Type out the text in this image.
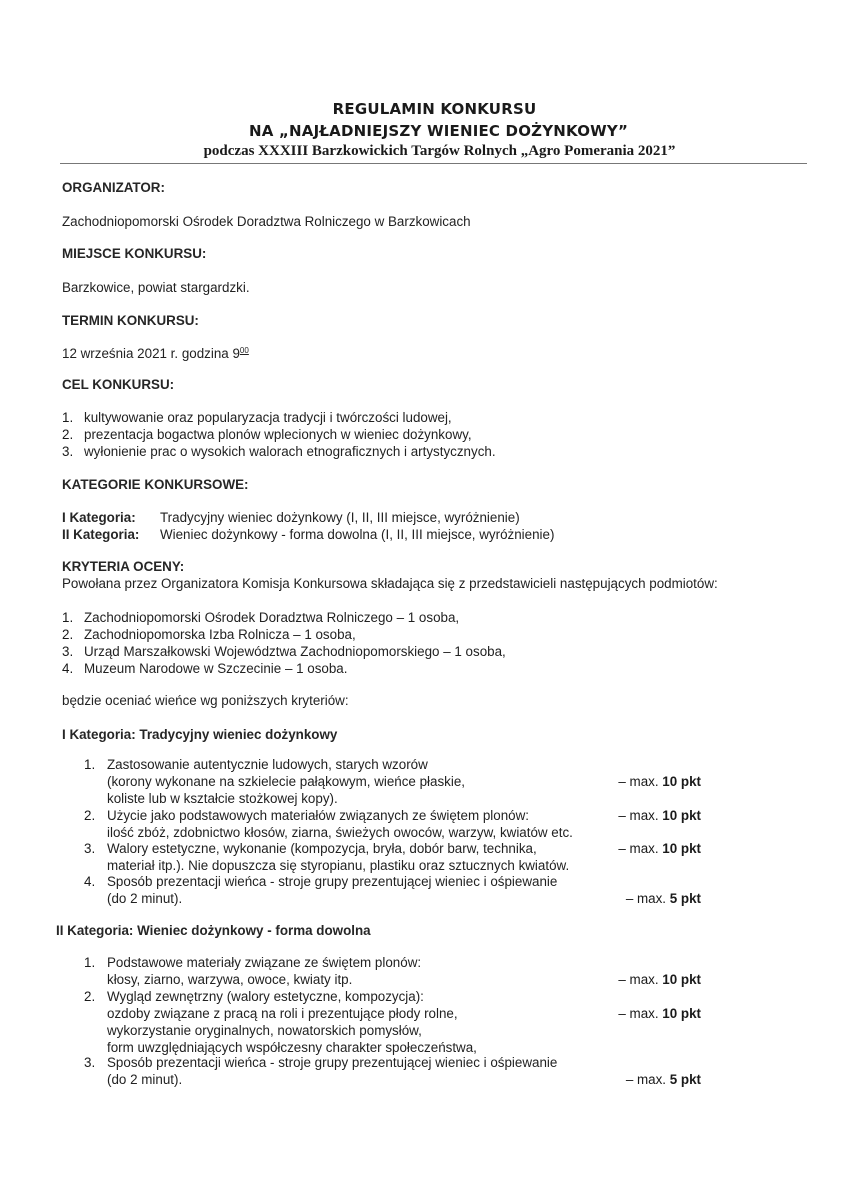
REGULAMIN KONKURSU
NA „NAJŁADNIEJSZY WIENIEC DOŻYNKOWY”
podczas XXXIII Barzkowickich Targów Rolnych „Agro Pomerania 2021”
ORGANIZATOR:
Zachodniopomorski Ośrodek Doradztwa Rolniczego w Barzkowicach
MIEJSCE KONKURSU:
Barzkowice, powiat stargardzki.
TERMIN KONKURSU:
12 września 2021 r. godzina $9^{00}$
CEL KONKURSU:
1. kultywowanie oraz popularyzacja tradycji i twórczości ludowej,
2. prezentacja bogactwa plonów wplecionych w wieniec dożynkowy,
3. wyłonienie prac o wysokich walorach etnograficznych i artystycznych.
KATEGORIE KONKURSOWE:
I Kategoria: Tradycyjny wieniec dożynkowy (I, II, III miejsce, wyróżnienie)
II Kategoria: Wieniec dożynkowy - forma dowolna (I, II, III miejsce, wyróżnienie)
KRYTERIA OCENY:
Powołana przez Organizatora Komisja Konkursowa składająca się z przedstawicieli następujących podmiotów:
1. Zachodniopomorski Ośrodek Doradztwa Rolniczego – 1 osoba,
2. Zachodniopomorska Izba Rolnicza – 1 osoba,
3. Urząd Marszałkowski Województwa Zachodniopomorskiego – 1 osoba,
4. Muzeum Narodowe w Szczecinie – 1 osoba.
będzie oceniać wieńce wg poniższych kryteriów:
I Kategoria: Tradycyjny wieniec dożynkowy
1. Zastosowanie autentycznie ludowych, starych wzorów
(korony wykonane na szkielecie pałąkowym, wieńce płaskie,
koliste lub w kształcie stożkowej kopy).
– max. 10 pkt
2. Użycie jako podstawowych materiałów związanych ze świętem plonów:
ilość zbóż, zdobnictwo kłosów, ziarna, świeżych owoców, warzyw, kwiatów etc.
– max. 10 pkt
3. Walory estetyczne, wykonanie (kompozycja, bryła, dobór barw, technika,
materiał itp.). Nie dopuszcza się styropianu, plastiku oraz sztucznych kwiatów.
– max. 10 pkt
4. Sposób prezentacji wieńca - stroje grupy prezentującej wieniec i ośpiewanie
(do 2 minut).	– max. 5 pkt
II Kategoria: Wieniec dożynkowy - forma dowolna
1. Podstawowe materiały związane ze świętem plonów:
kłosy, ziarno, warzywa, owoce, kwiaty itp.	– max. 10 pkt
2. Wygląd zewnętrzny (walory estetyczne, kompozycja):
ozdoby związane z pracą na roli i prezentujące płody rolne,
wykorzystanie oryginalnych, nowatorskich pomysłów,
form uwzględniających współczesny charakter społeczeństwa,
– max. 10 pkt
3. Sposób prezentacji wieńca - stroje grupy prezentującej wieniec i ośpiewanie
(do 2 minut).	– max. 5 pkt
